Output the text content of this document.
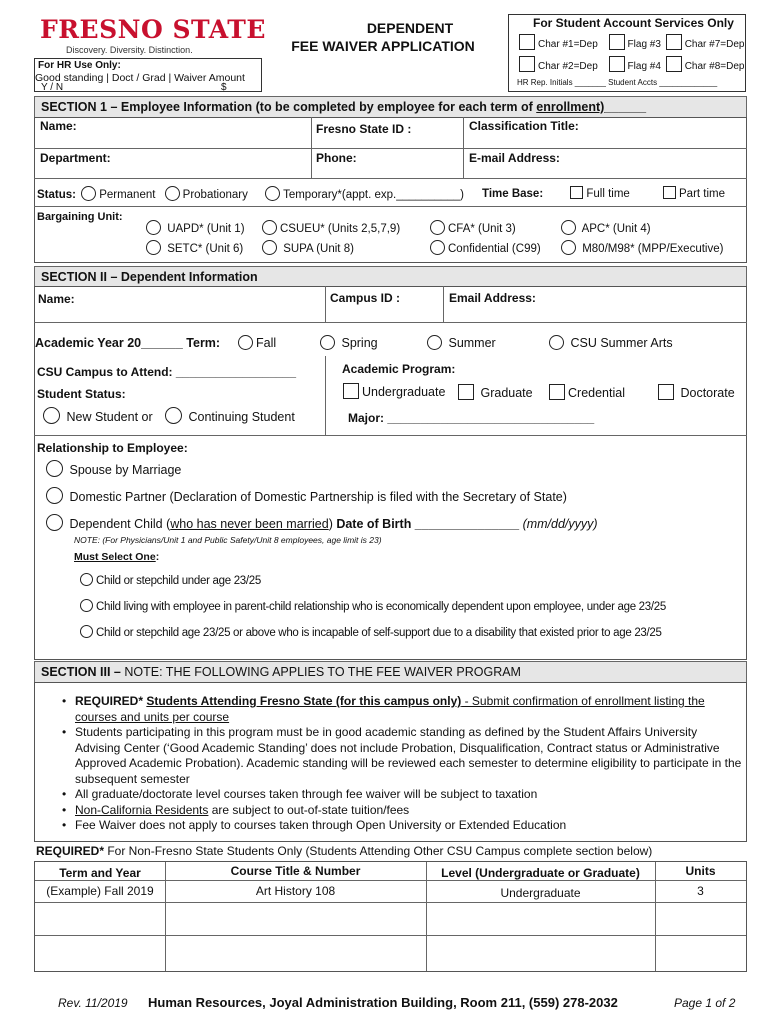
FRESNO STATE
Discovery. Diversity. Distinction.
DEPENDENT
FEE WAIVER APPLICATION
For HR Use Only:
Good standing | Doct / Grad | Waiver Amount
Y / N	$
For Student Account Services Only
Char #1=Dep	Flag #3 Char #7=Dep
Char #2=Dep	Flag #4 Char #8=Dep
HR Rep. Initials _______ Student Accts _____________
SECTION 1 – Employee Information (to be completed by employee for each term of enrollment)______
Name:	Fresno State ID :	Classification Title:
Department:	Phone:	E-mail Address:
Status: Permanent Probationary	Temporary*(appt. exp.__________) Time Base:	Full time	Part time
Bargaining Unit:
UAPD* (Unit 1)	CSUEU* (Units 2,5,7,9)	CFA* (Unit 3)	APC* (Unit 4)
SETC* (Unit 6)	SUPA (Unit 8)	Confidential (C99)	M80/M98* (MPP/Executive)
SECTION II – Dependent Information
Name:	Campus ID :	Email Address:
Academic Year 20______ Term:	Fall	Spring	Summer	CSU Summer Arts
CSU Campus to Attend: __________________	Academic Program:
Undergraduate	Graduate	Credential	Doctorate
Student Status:
New Student or	Continuing Student	Major: _______________________________
Relationship to Employee:
Spouse by Marriage
Domestic Partner (Declaration of Domestic Partnership is filed with the Secretary of State)
Dependent Child (who has never been married) Date of Birth _______________ (mm/dd/yyyy)
NOTE: (For Physicians/Unit 1 and Public Safety/Unit 8 employees, age limit is 23)
Must Select One:
Child or stepchild under age 23/25
Child living with employee in parent-child relationship who is economically dependent upon employee, under age 23/25
Child or stepchild age 23/25 or above who is incapable of self-support due to a disability that existed prior to age 23/25
SECTION III – NOTE: THE FOLLOWING APPLIES TO THE FEE WAIVER PROGRAM
• REQUIRED* Students Attending Fresno State (for this campus only) - Submit confirmation of enrollment listing the courses and units per course
• Students participating in this program must be in good academic standing as defined by the Student Affairs University Advising Center (‘Good Academic Standing’ does not include Probation, Disqualification, Contract status or Administrative Approved Academic Probation). Academic standing will be reviewed each semester to determine eligibility to participate in the subsequent semester
• All graduate/doctorate level courses taken through fee waiver will be subject to taxation
• Non-California Residents are subject to out-of-state tuition/fees
• Fee Waiver does not apply to courses taken through Open University or Extended Education
REQUIRED* For Non-Fresno State Students Only (Students Attending Other CSU Campus complete section below)
Term and Year	Course Title & Number	Level (Undergraduate or Graduate)	Units
(Example) Fall 2019	Art History 108	Undergraduate	3
Rev. 11/2019 Human Resources, Joyal Administration Building, Room 211, (559) 278-2032	Page 1 of 2
